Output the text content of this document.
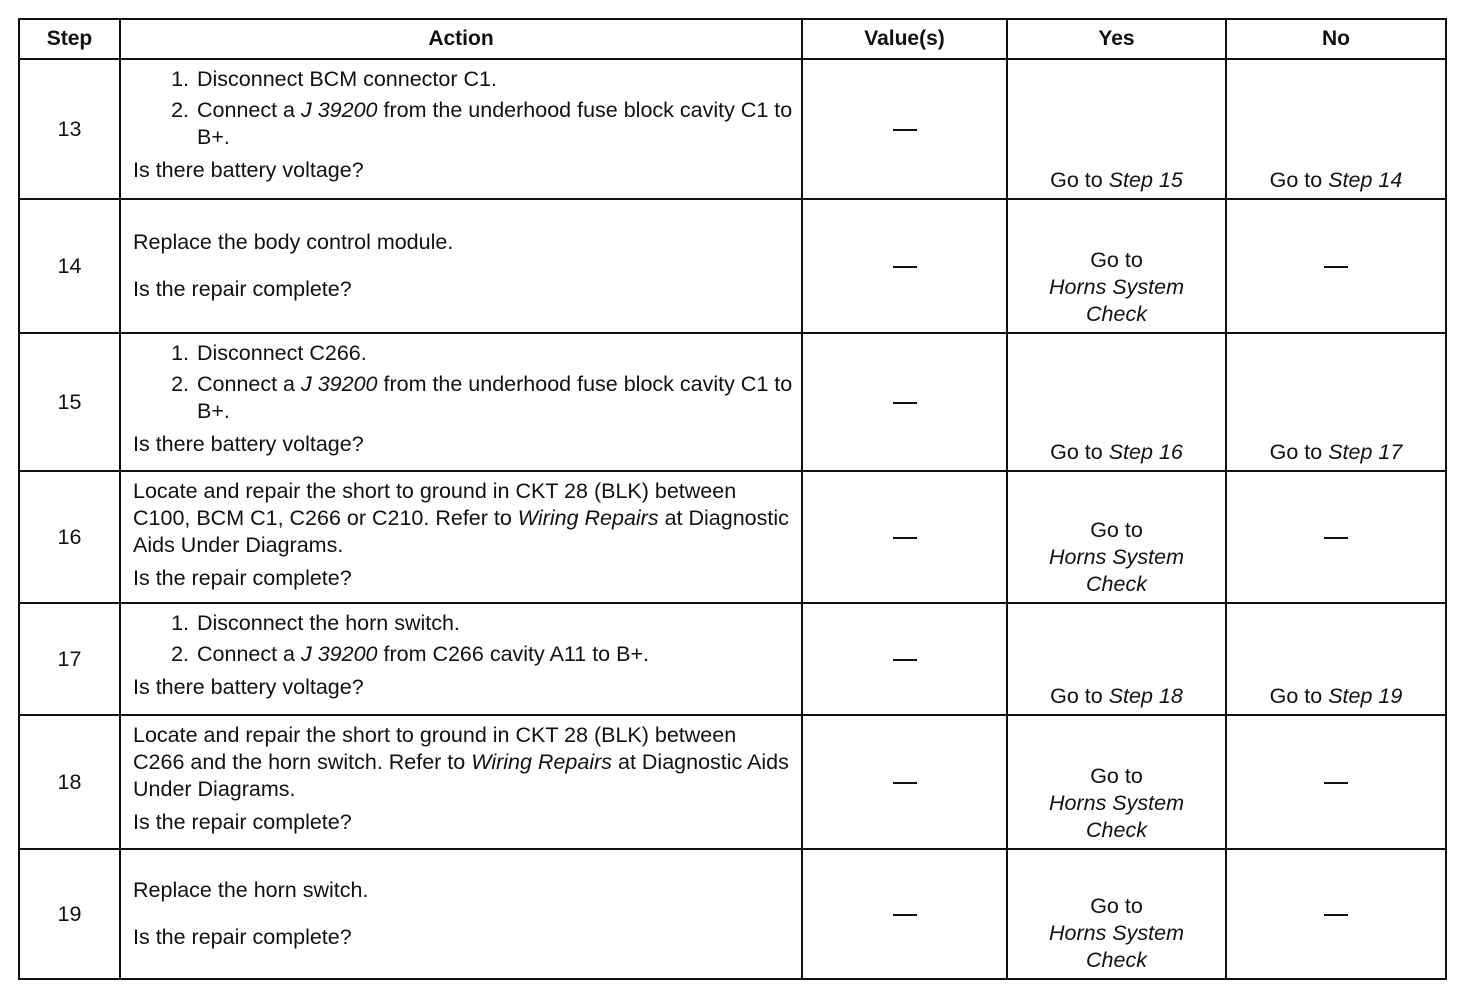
Step	Action	Value(s)	Yes	No
13	1. Disconnect BCM connector C1.
2. Connect a J 39200 from the underhood fuse block cavity C1 to B+.
Is there battery voltage?		Go to Step 15	Go to Step 14
14	Replace the body control module.
Is the repair complete?		Go to Horns System Check	
15	1. Disconnect C266.
2. Connect a J 39200 from the underhood fuse block cavity C1 to B+.
Is there battery voltage?		Go to Step 16	Go to Step 17
16	Locate and repair the short to ground in CKT 28 (BLK) between C100, BCM C1, C266 or C210. Refer to Wiring Repairs at Diagnostic Aids Under Diagrams.
Is the repair complete?		Go to Horns System Check	
17	1. Disconnect the horn switch.
2. Connect a J 39200 from C266 cavity A11 to B+.
Is there battery voltage?		Go to Step 18	Go to Step 19
18	Locate and repair the short to ground in CKT 28 (BLK) between C266 and the horn switch. Refer to Wiring Repairs at Diagnostic Aids Under Diagrams.
Is the repair complete?		Go to Horns System Check	
19	Replace the horn switch.
Is the repair complete?		Go to Horns System Check	
